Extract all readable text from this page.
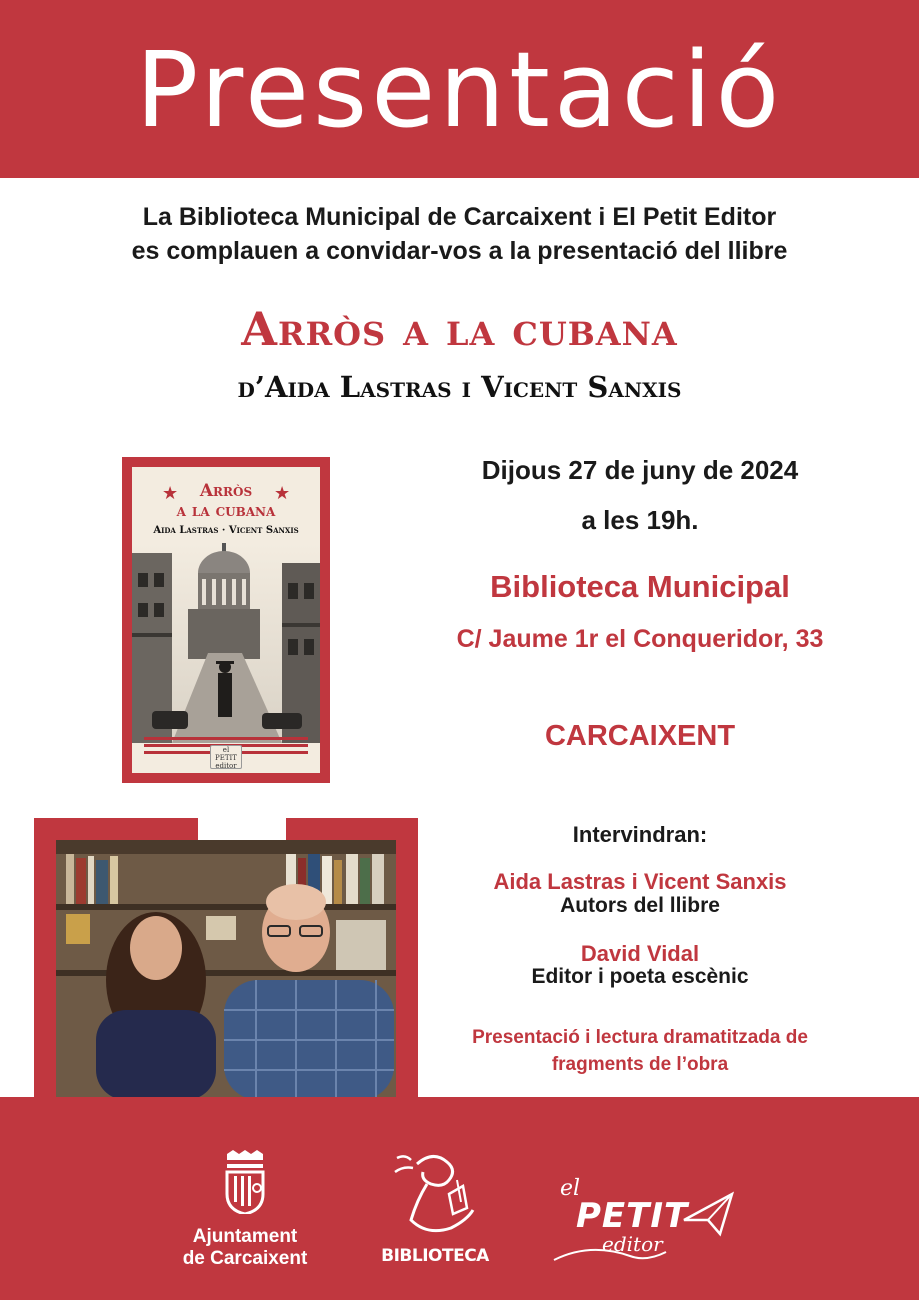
Presentació
La Biblioteca Municipal de Carcaixent i El Petit Editor
es complauen a convidar-vos a la presentació del llibre
Arròs a la cubana
d’Aida Lastras i Vicent Sanxis
★	★
Arròs
a la cubana
Aida Lastras · Vicent Sanxis
el PETIT editor
Dijous 27 de juny de 2024
a les 19h.
Biblioteca Municipal
C/ Jaume 1r el Conqueridor, 33
CARCAIXENT
Intervindran:
Aida Lastras i Vicent Sanxis
Autors del llibre
David Vidal
Editor i poeta escènic
Presentació i lectura dramatitzada de
fragments de l’obra
Ajuntament
de Carcaixent	BIBLIOTECA
el
PETIT
editor
